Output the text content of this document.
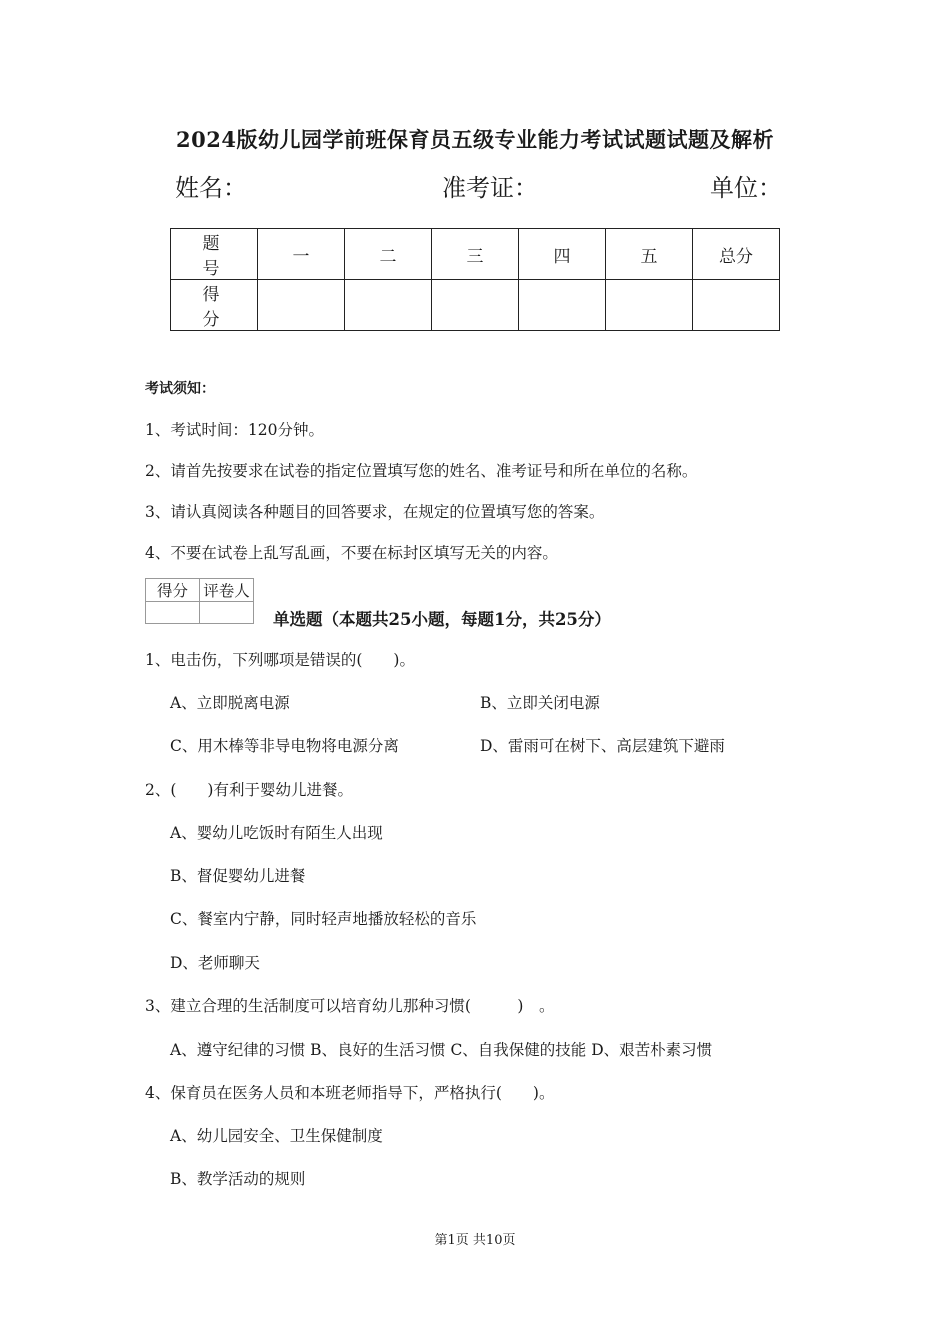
2024版幼儿园学前班保育员五级专业能力考试试题试题及解析
姓名：	准考证：	单位：
题 号	一	二	三	四	五	总分
得 分						
考试须知：
1、考试时间：120分钟。
2、请首先按要求在试卷的指定位置填写您的姓名、准考证号和所在单位的名称。
3、请认真阅读各种题目的回答要求，在规定的位置填写您的答案。
4、不要在试卷上乱写乱画，不要在标封区填写无关的内容。
得分	评卷人

单选题（本题共25小题，每题1分，共25分）
1、电击伤，下列哪项是错误的(　　)。
A、立即脱离电源	B、立即关闭电源
C、用木棒等非导电物将电源分离	D、雷雨可在树下、高层建筑下避雨
2、(　　)有利于婴幼儿进餐。
A、婴幼儿吃饭时有陌生人出现
B、督促婴幼儿进餐
C、餐室内宁静，同时轻声地播放轻松的音乐
D、老师聊天
3、建立合理的生活制度可以培育幼儿那种习惯(　　　)　。
A、遵守纪律的习惯 B、良好的生活习惯 C、自我保健的技能 D、艰苦朴素习惯
4、保育员在医务人员和本班老师指导下，严格执行(　　)。
A、幼儿园安全、卫生保健制度
B、教学活动的规则
第1页 共10页
